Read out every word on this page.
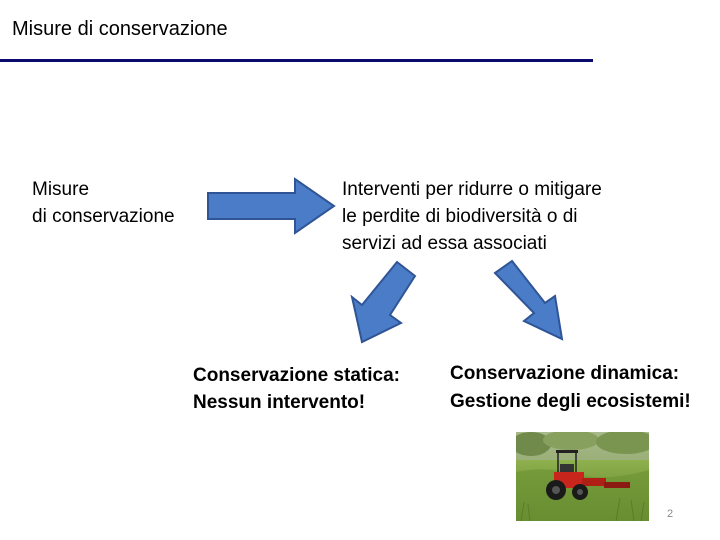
Misure di conservazione
Misure
di conservazione
Interventi per ridurre o mitigare
le perdite di biodiversità o di
servizi ad essa associati
Conservazione statica:
Nessun intervento!
Conservazione dinamica:
Gestione degli ecosistemi!
2
